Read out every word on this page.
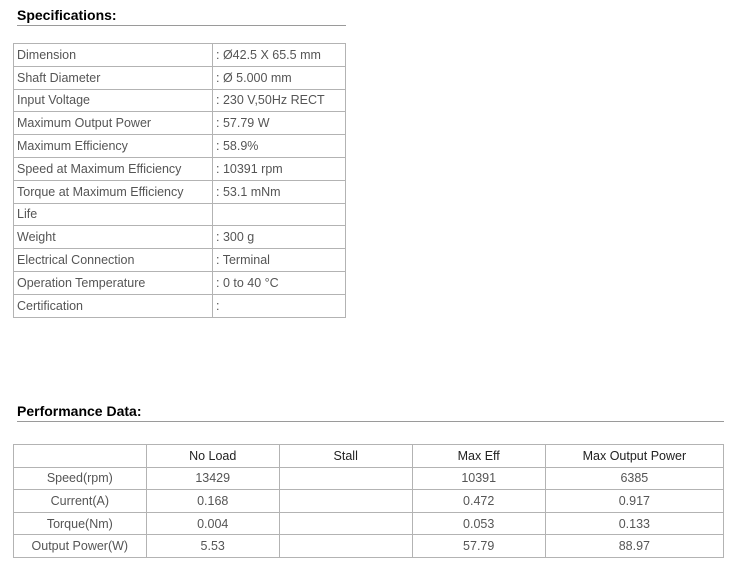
Specifications:
Dimension	: Ø42.5 X 65.5 mm
Shaft Diameter	: Ø 5.000 mm
Input Voltage	: 230 V,50Hz RECT
Maximum Output Power	: 57.79 W
Maximum Efficiency	: 58.9%
Speed at Maximum Efficiency	: 10391 rpm
Torque at Maximum Efficiency	: 53.1 mNm
Life	
Weight	: 300 g
Electrical Connection	: Terminal
Operation Temperature	: 0 to 40 °C
Certification	:
Performance Data:
	No Load	Stall	Max Eff	Max Output Power
Speed(rpm)	13429		10391	6385
Current(A)	0.168		0.472	0.917
Torque(Nm)	0.004		0.053	0.133
Output Power(W)	5.53		57.79	88.97
